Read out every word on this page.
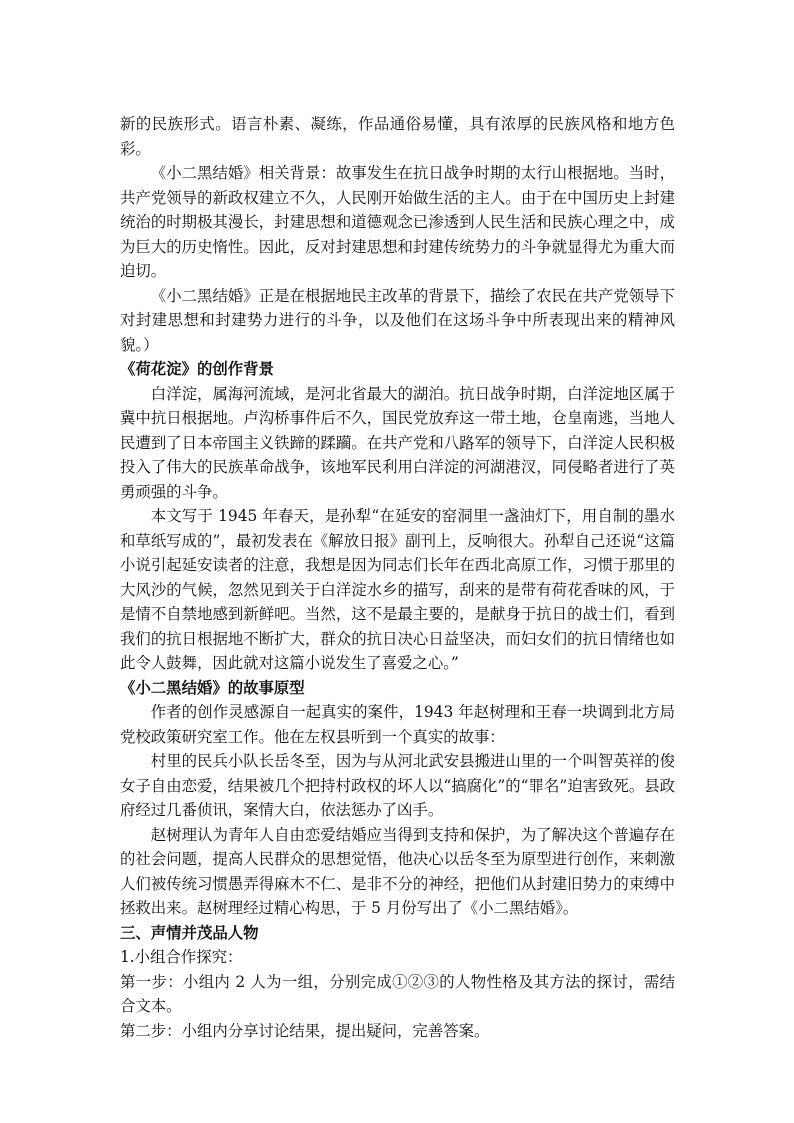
新的民族形式。语言朴素、凝练，作品通俗易懂，具有浓厚的民族风格和地方色彩。

《小二黑结婚》相关背景：故事发生在抗日战争时期的太行山根据地。当时，共产党领导的新政权建立不久，人民刚开始做生活的主人。由于在中国历史上封建统治的时期极其漫长，封建思想和道德观念已渗透到人民生活和民族心理之中，成为巨大的历史惰性。因此，反对封建思想和封建传统势力的斗争就显得尤为重大而迫切。

《小二黑结婚》正是在根据地民主改革的背景下，描绘了农民在共产党领导下对封建思想和封建势力进行的斗争，以及他们在这场斗争中所表现出来的精神风貌。）

《荷花淀》的创作背景

白洋淀，属海河流域，是河北省最大的湖泊。抗日战争时期，白洋淀地区属于冀中抗日根据地。卢沟桥事件后不久，国民党放弃这一带土地，仓皇南逃，当地人民遭到了日本帝国主义铁蹄的蹂躏。在共产党和八路军的领导下，白洋淀人民积极投入了伟大的民族革命战争，该地军民利用白洋淀的河湖港汊，同侵略者进行了英勇顽强的斗争。

本文写于 1945 年春天，是孙犁“在延安的窑洞里一盏油灯下，用自制的墨水和草纸写成的”，最初发表在《解放日报》副刊上，反响很大。孙犁自己还说“这篇小说引起延安读者的注意，我想是因为同志们长年在西北高原工作，习惯于那里的大风沙的气候，忽然见到关于白洋淀水乡的描写，刮来的是带有荷花香味的风，于是情不自禁地感到新鲜吧。当然，这不是最主要的，是献身于抗日的战士们，看到我们的抗日根据地不断扩大，群众的抗日决心日益坚决，而妇女们的抗日情绪也如此令人鼓舞，因此就对这篇小说发生了喜爱之心。”

《小二黑结婚》的故事原型

作者的创作灵感源自一起真实的案件，1943 年赵树理和王春一块调到北方局党校政策研究室工作。他在左权县听到一个真实的故事：

村里的民兵小队长岳冬至，因为与从河北武安县搬进山里的一个叫智英祥的俊女子自由恋爱，结果被几个把持村政权的坏人以“搞腐化”的“罪名”迫害致死。县政府经过几番侦讯，案情大白，依法惩办了凶手。

赵树理认为青年人自由恋爱结婚应当得到支持和保护，为了解决这个普遍存在的社会问题，提高人民群众的思想觉悟，他决心以岳冬至为原型进行创作，来刺激人们被传统习惯愚弄得麻木不仁、是非不分的神经，把他们从封建旧势力的束缚中拯救出来。赵树理经过精心构思，于 5 月份写出了《小二黑结婚》。

三、声情并茂品人物

1.小组合作探究：

第一步：小组内 2 人为一组，分别完成①②③的人物性格及其方法的探讨，需结合文本。

第二步：小组内分享讨论结果，提出疑问，完善答案。
